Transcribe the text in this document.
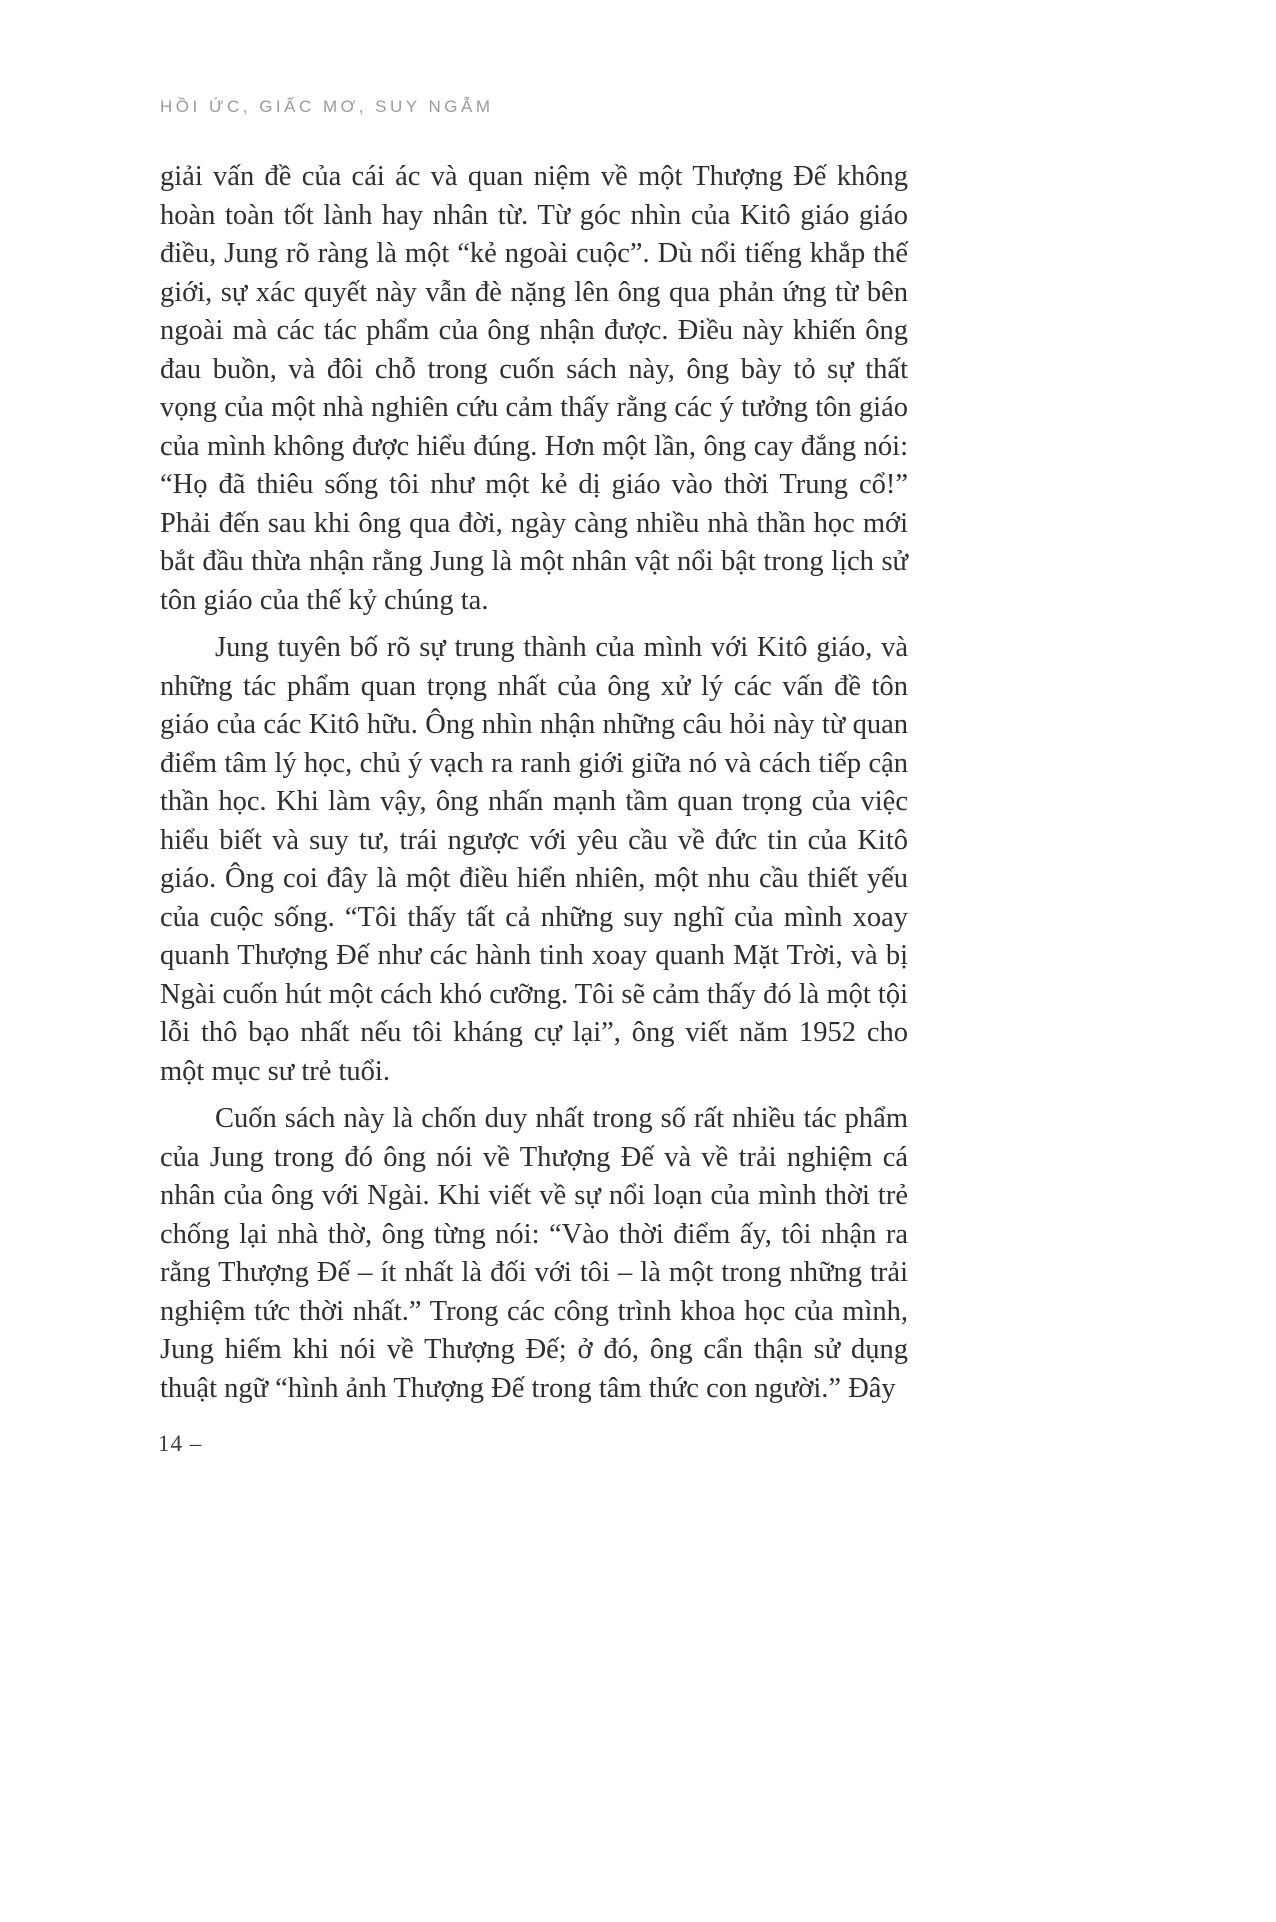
HỒI ỨC, GIẤC MƠ, SUY NGẪM

giải vấn đề của cái ác và quan niệm về một Thượng Đế không hoàn toàn tốt lành hay nhân từ. Từ góc nhìn của Kitô giáo giáo điều, Jung rõ ràng là một “kẻ ngoài cuộc”. Dù nổi tiếng khắp thế giới, sự xác quyết này vẫn đè nặng lên ông qua phản ứng từ bên ngoài mà các tác phẩm của ông nhận được. Điều này khiến ông đau buồn, và đôi chỗ trong cuốn sách này, ông bày tỏ sự thất vọng của một nhà nghiên cứu cảm thấy rằng các ý tưởng tôn giáo của mình không được hiểu đúng. Hơn một lần, ông cay đắng nói: “Họ đã thiêu sống tôi như một kẻ dị giáo vào thời Trung cổ!” Phải đến sau khi ông qua đời, ngày càng nhiều nhà thần học mới bắt đầu thừa nhận rằng Jung là một nhân vật nổi bật trong lịch sử tôn giáo của thế kỷ chúng ta.

Jung tuyên bố rõ sự trung thành của mình với Kitô giáo, và những tác phẩm quan trọng nhất của ông xử lý các vấn đề tôn giáo của các Kitô hữu. Ông nhìn nhận những câu hỏi này từ quan điểm tâm lý học, chủ ý vạch ra ranh giới giữa nó và cách tiếp cận thần học. Khi làm vậy, ông nhấn mạnh tầm quan trọng của việc hiểu biết và suy tư, trái ngược với yêu cầu về đức tin của Kitô giáo. Ông coi đây là một điều hiển nhiên, một nhu cầu thiết yếu của cuộc sống. “Tôi thấy tất cả những suy nghĩ của mình xoay quanh Thượng Đế như các hành tinh xoay quanh Mặt Trời, và bị Ngài cuốn hút một cách khó cưỡng. Tôi sẽ cảm thấy đó là một tội lỗi thô bạo nhất nếu tôi kháng cự lại”, ông viết năm 1952 cho một mục sư trẻ tuổi.

Cuốn sách này là chốn duy nhất trong số rất nhiều tác phẩm của Jung trong đó ông nói về Thượng Đế và về trải nghiệm cá nhân của ông với Ngài. Khi viết về sự nổi loạn của mình thời trẻ chống lại nhà thờ, ông từng nói: “Vào thời điểm ấy, tôi nhận ra rằng Thượng Đế – ít nhất là đối với tôi – là một trong những trải nghiệm tức thời nhất.” Trong các công trình khoa học của mình, Jung hiếm khi nói về Thượng Đế; ở đó, ông cẩn thận sử dụng thuật ngữ “hình ảnh Thượng Đế trong tâm thức con người.” Đây

14 –
